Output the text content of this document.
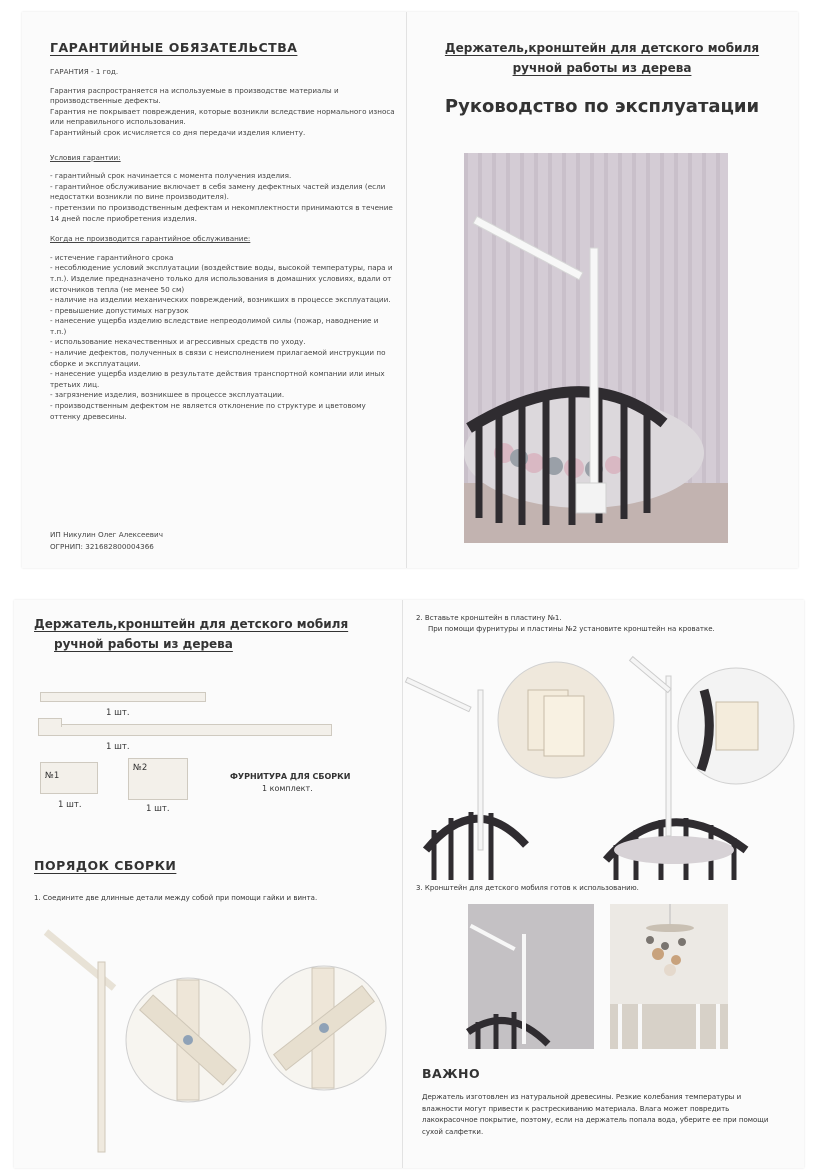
ГАРАНТИЙНЫЕ ОБЯЗАТЕЛЬСТВА
ГАРАНТИЯ - 1 год.

Гарантия распространяется на используемые в производстве материалы и производственные дефекты.

Гарантия не покрывает повреждения, которые возникли вследствие нормального износа или неправильного использования.

Гарантийный срок исчисляется со дня передачи изделия клиенту.

Условия гарантии:

- гарантийный срок начинается с момента получения изделия.

- гарантийное обслуживание включает в себя замену дефектных частей изделия (если недостатки возникли по вине производителя).

- претензии по производственным дефектам и некомплектности принимаются в течение 14 дней после приобретения изделия.

Когда не производится гарантийное обслуживание:

- истечение гарантийного срока

- несоблюдение условий эксплуатации (воздействие воды, высокой температуры, пара и т.п.). Изделие предназначено только для использования в домашних условиях, вдали от источников тепла (не менее 50 см)

- наличие на изделии механических повреждений, возникших в процессе эксплуатации.

- превышение допустимых нагрузок

- нанесение ущерба изделию вследствие непреодолимой силы (пожар, наводнение и т.п.)

- использование некачественных и агрессивных средств по уходу.

- наличие дефектов, полученных в связи с неисполнением прилагаемой инструкции по сборке и эксплуатации.

- нанесение ущерба изделию в результате действия транспортной компании или иных третьих лиц.

- загрязнение изделия, возникшее в процессе эксплуатации.

- производственным дефектом не является отклонение по структуре и цветовому оттенку древесины.

ИП Никулин Олег Алексеевич
ОГРНИП: 321682800004366
Держатель,кронштейн для детского мобиля
ручной работы из дерева
Руководство по эксплуатации
Держатель,кронштейн для детского мобиля
ручной работы из дерева
1 шт.
1 шт.
№1
1 шт.
№2
1 шт.
ФУРНИТУРА ДЛЯ СБОРКИ
1 комплект.
ПОРЯДОК СБОРКИ
1. Соедините две длинные детали между собой при помощи гайки и винта.
2. Вставьте кронштейн в пластину №1.
При помощи фурнитуры и пластины №2 установите кронштейн на кроватке.
3. Кронштейн для детского мобиля готов к использованию.
ВАЖНО
Держатель изготовлен из натуральной древесины. Резкие колебания температуры и влажности могут привести к растрескиванию материала. Влага может повредить лакокрасочное покрытие, поэтому, если на держатель попала вода, уберите ее при помощи сухой салфетки.
